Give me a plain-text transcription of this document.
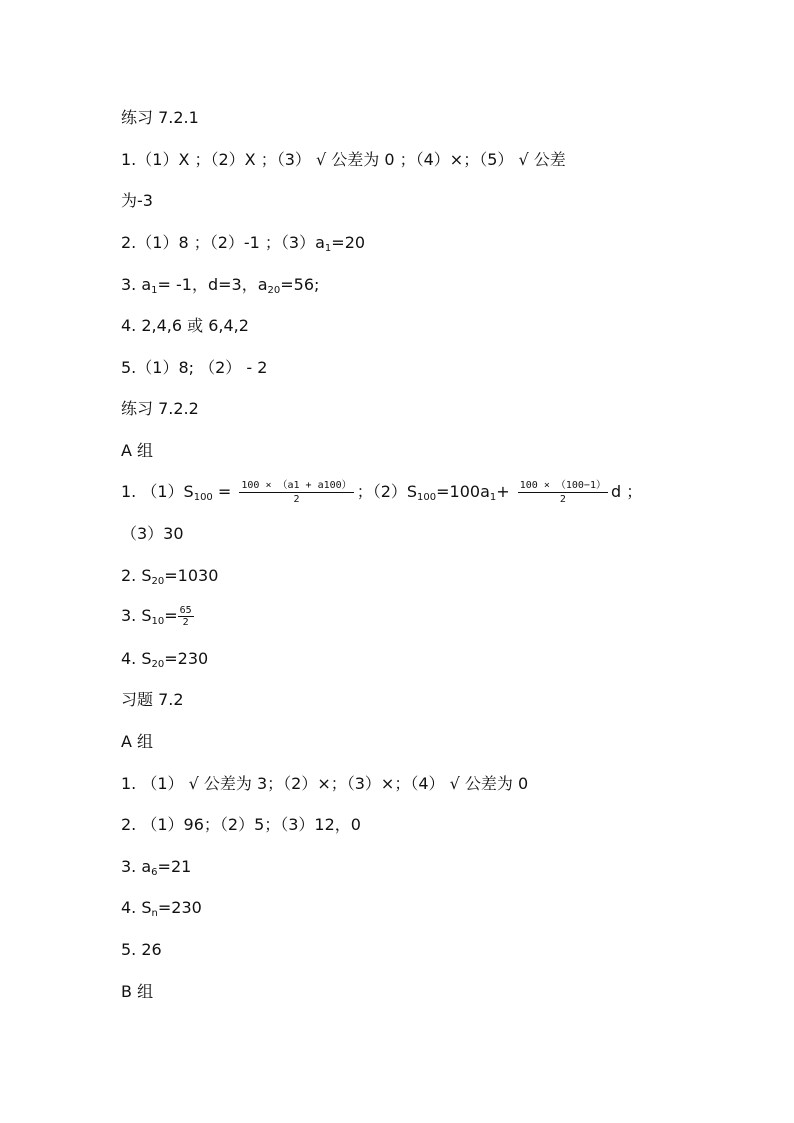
练习 7.2.1
1.（1）X ；（2）X ；（3） √ 公差为 0 ；（4）×；（5） √ 公差
为-3
2.（1）8 ；（2）-1 ；$(3)a_1=20$
3. $a_1= -1$，d=3，$a_{20}=56$;
4. 2,4,6 或 6,4,2
5.（1）8; （2） - 2
练习 7.2.2
A 组
1. $(1)S_{100} = \frac{100 \times (a1 + a100)}{2}$ ；$(2)S_{100}=100a_1+ \frac{100 \times (100-1)}{2}$ d ；
（3）30
2. $S_{20}=1030$
3. $S_{10}= \frac{65}{2}$
4. $S_{20}=230$
习题 7.2
A 组
1. （1） √ 公差为 3；（2）×；（3）×；（4） √ 公差为 0
2. （1）96；（2）5；（3）12，0
3. $a_6=21$
4. $S_n=230$
5. 26
B 组
